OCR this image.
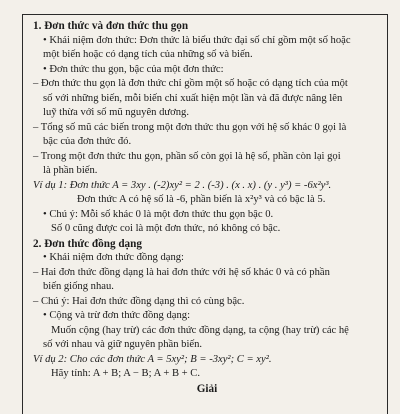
1. Đơn thức và đơn thức thu gọn
• Khái niệm đơn thức: Đơn thức là biểu thức đại số chỉ gồm một số hoặc
một biến hoặc có dạng tích của những số và biến.
• Đơn thức thu gọn, bậc của một đơn thức:
– Đơn thức thu gọn là đơn thức chỉ gồm một số hoặc có dạng tích của một
số với những biến, mỗi biến chỉ xuất hiện một lần và đã được nâng lên
luỹ thừa với số mũ nguyên dương.
– Tổng số mũ các biến trong một đơn thức thu gọn với hệ số khác 0 gọi là
bậc của đơn thức đó.
– Trong một đơn thức thu gọn, phần số còn gọi là hệ số, phần còn lại gọi
là phần biến.
Ví dụ 1: Đơn thức A = 3xy . (-2)xy² = 2 . (-3) . (x . x) . (y . y³) = -6x²y³.
Đơn thức A có hệ số là -6, phần biến là x²y³ và có bậc là 5.
• Chú ý: Mỗi số khác 0 là một đơn thức thu gọn bậc 0.
Số 0 cũng được coi là một đơn thức, nó không có bậc.
2. Đơn thức đồng dạng
• Khái niệm đơn thức đồng dạng:
– Hai đơn thức đồng dạng là hai đơn thức với hệ số khác 0 và có phần
biến giống nhau.
– Chú ý: Hai đơn thức đồng dạng thì có cùng bậc.
• Cộng và trừ đơn thức đồng dạng:
Muốn cộng (hay trừ) các đơn thức đồng dạng, ta cộng (hay trừ) các hệ
số với nhau và giữ nguyên phần biến.
Ví dụ 2: Cho các đơn thức A = 5xy²; B = -3xy²; C = xy².
Hãy tính: A + B; A − B; A + B + C.
Giải
